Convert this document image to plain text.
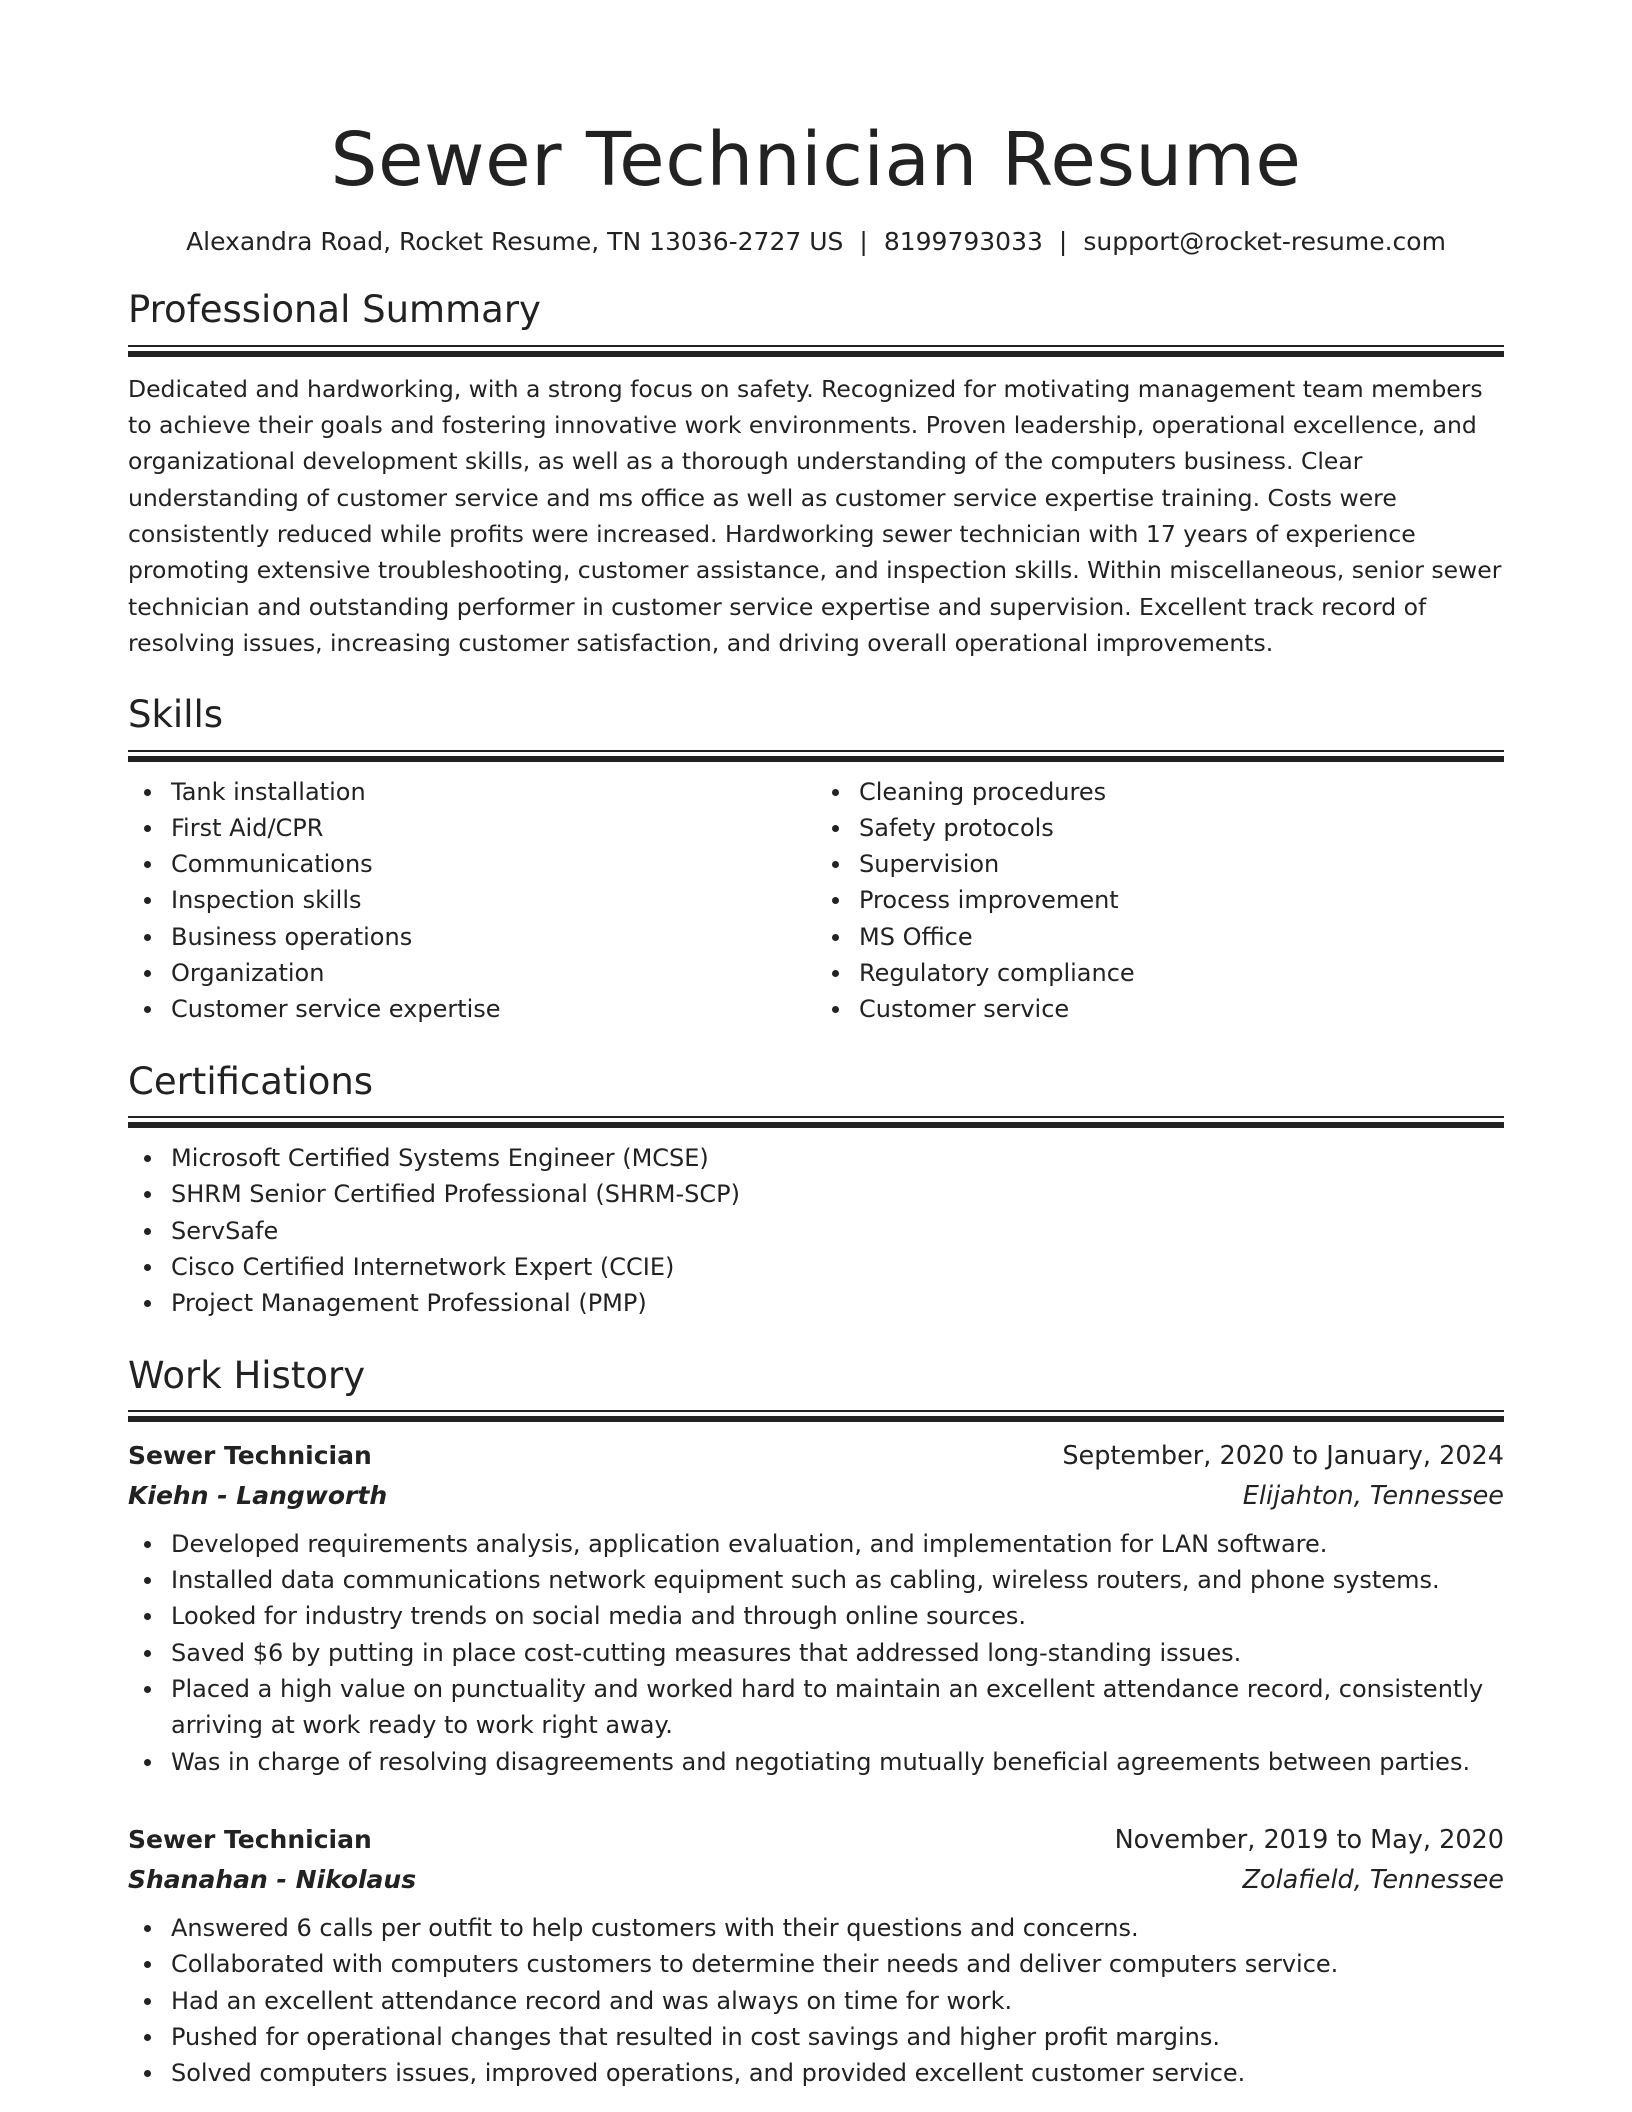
Sewer Technician Resume
Alexandra Road, Rocket Resume, TN 13036-2727 US | 8199793033 | support@rocket-resume.com
Professional Summary

Dedicated and hardworking, with a strong focus on safety. Recognized for motivating management team members to achieve their goals and fostering innovative work environments. Proven leadership, operational excellence, and organizational development skills, as well as a thorough understanding of the computers business. Clear understanding of customer service and ms office as well as customer service expertise training. Costs were consistently reduced while profits were increased. Hardworking sewer technician with 17 years of experience promoting extensive troubleshooting, customer assistance, and inspection skills. Within miscellaneous, senior sewer technician and outstanding performer in customer service expertise and supervision. Excellent track record of resolving issues, increasing customer satisfaction, and driving overall operational improvements.

Skills
Tank installation
First Aid/CPR
Communications
Inspection skills
Business operations
Organization
Customer service expertise
Cleaning procedures
Safety protocols
Supervision
Process improvement
MS Office
Regulatory compliance
Customer service
Certifications
Microsoft Certified Systems Engineer (MCSE)
SHRM Senior Certified Professional (SHRM-SCP)
ServSafe
Cisco Certified Internetwork Expert (CCIE)
Project Management Professional (PMP)
Work History
Sewer Technician	September, 2020 to January, 2024
Kiehn - Langworth	Elijahton, Tennessee
Developed requirements analysis, application evaluation, and implementation for LAN software.
Installed data communications network equipment such as cabling, wireless routers, and phone systems.
Looked for industry trends on social media and through online sources.
Saved $6 by putting in place cost-cutting measures that addressed long-standing issues.
Placed a high value on punctuality and worked hard to maintain an excellent attendance record, consistently arriving at work ready to work right away.
Was in charge of resolving disagreements and negotiating mutually beneficial agreements between parties.
Sewer Technician	November, 2019 to May, 2020
Shanahan - Nikolaus	Zolafield, Tennessee
Answered 6 calls per outfit to help customers with their questions and concerns.
Collaborated with computers customers to determine their needs and deliver computers service.
Had an excellent attendance record and was always on time for work.
Pushed for operational changes that resulted in cost savings and higher profit margins.
Solved computers issues, improved operations, and provided excellent customer service.
